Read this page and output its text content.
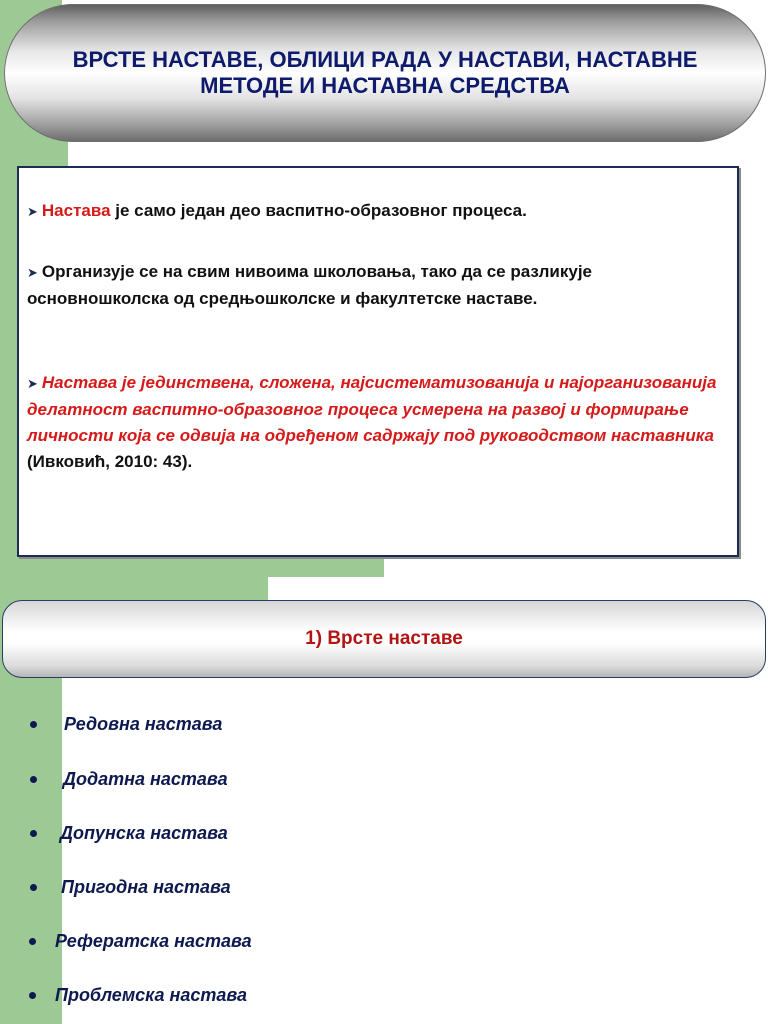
ВРСТЕ НАСТАВЕ, ОБЛИЦИ РАДА У НАСТАВИ, НАСТАВНЕ МЕТОДЕ И НАСТАВНА СРЕДСТВА
➤ Настава је само један део васпитно-образовног процеса.
➤ Организује се на свим нивоима школовања, тако да се разликује основношколска од средњошколске и факултетске наставе.
➤ Настава је јединствена, сложена, најсистематизованија и најорганизованија делатност васпитно-образовног процеса усмерена на развој и формирање личности која се одвија на одређеном садржају под руководством наставника (Ивковић, 2010: 43).
1) Врсте наставе
Редовна настава
Додатна настава
Допунска настава
Пригодна настава
Реферaтска настава
Проблемска настава
